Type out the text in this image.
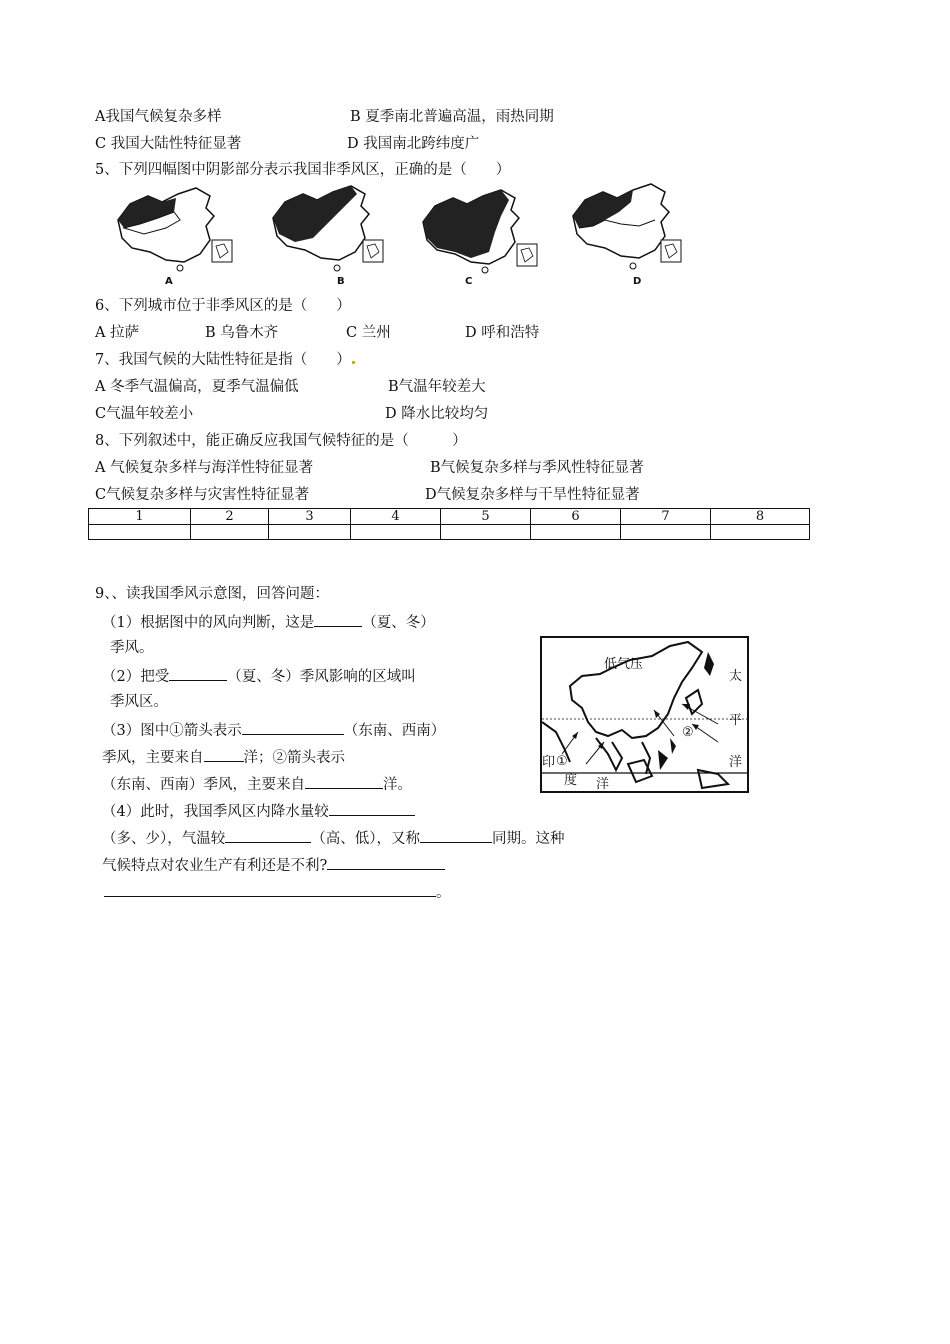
A我国气候复杂多样	B 夏季南北普遍高温，雨热同期
C 我国大陆性特征显著	D 我国南北跨纬度广
5、下列四幅图中阴影部分表示我国非季风区，正确的是（　　）
A	B	C	D
6、下列城市位于非季风区的是（　　）
A 拉萨	B 乌鲁木齐	C 兰州	D 呼和浩特
7、我国气候的大陆性特征是指（　　）
A 冬季气温偏高，夏季气温偏低	B气温年较差大
C气温年较差小	D 降水比较均匀
8、下列叙述中，能正确反应我国气候特征的是（　　　）
A 气候复杂多样与海洋性特征显著	B气候复杂多样与季风性特征显著
C气候复杂多样与灾害性特征显著	D气候复杂多样与干旱性特征显著
1	2	3	4	5	6	7	8

9、、读我国季风示意图，回答问题：
（1）根据图中的风向判断，这是	（夏、冬）
季风。
（2）把受	（夏、冬）季风影响的区域叫
季风区。
（3）图中①箭头表示	（东南、西南）
季风，主要来自	洋；②箭头表示
（东南、西南）季风，主要来自	洋。
（4）此时，我国季风区内降水量较
（多、少），气温较	（高、低），又称	同期。这种
气候特点对农业生产有利还是不利?
。
低气压
太
平
洋
印
度 洋
①
②
